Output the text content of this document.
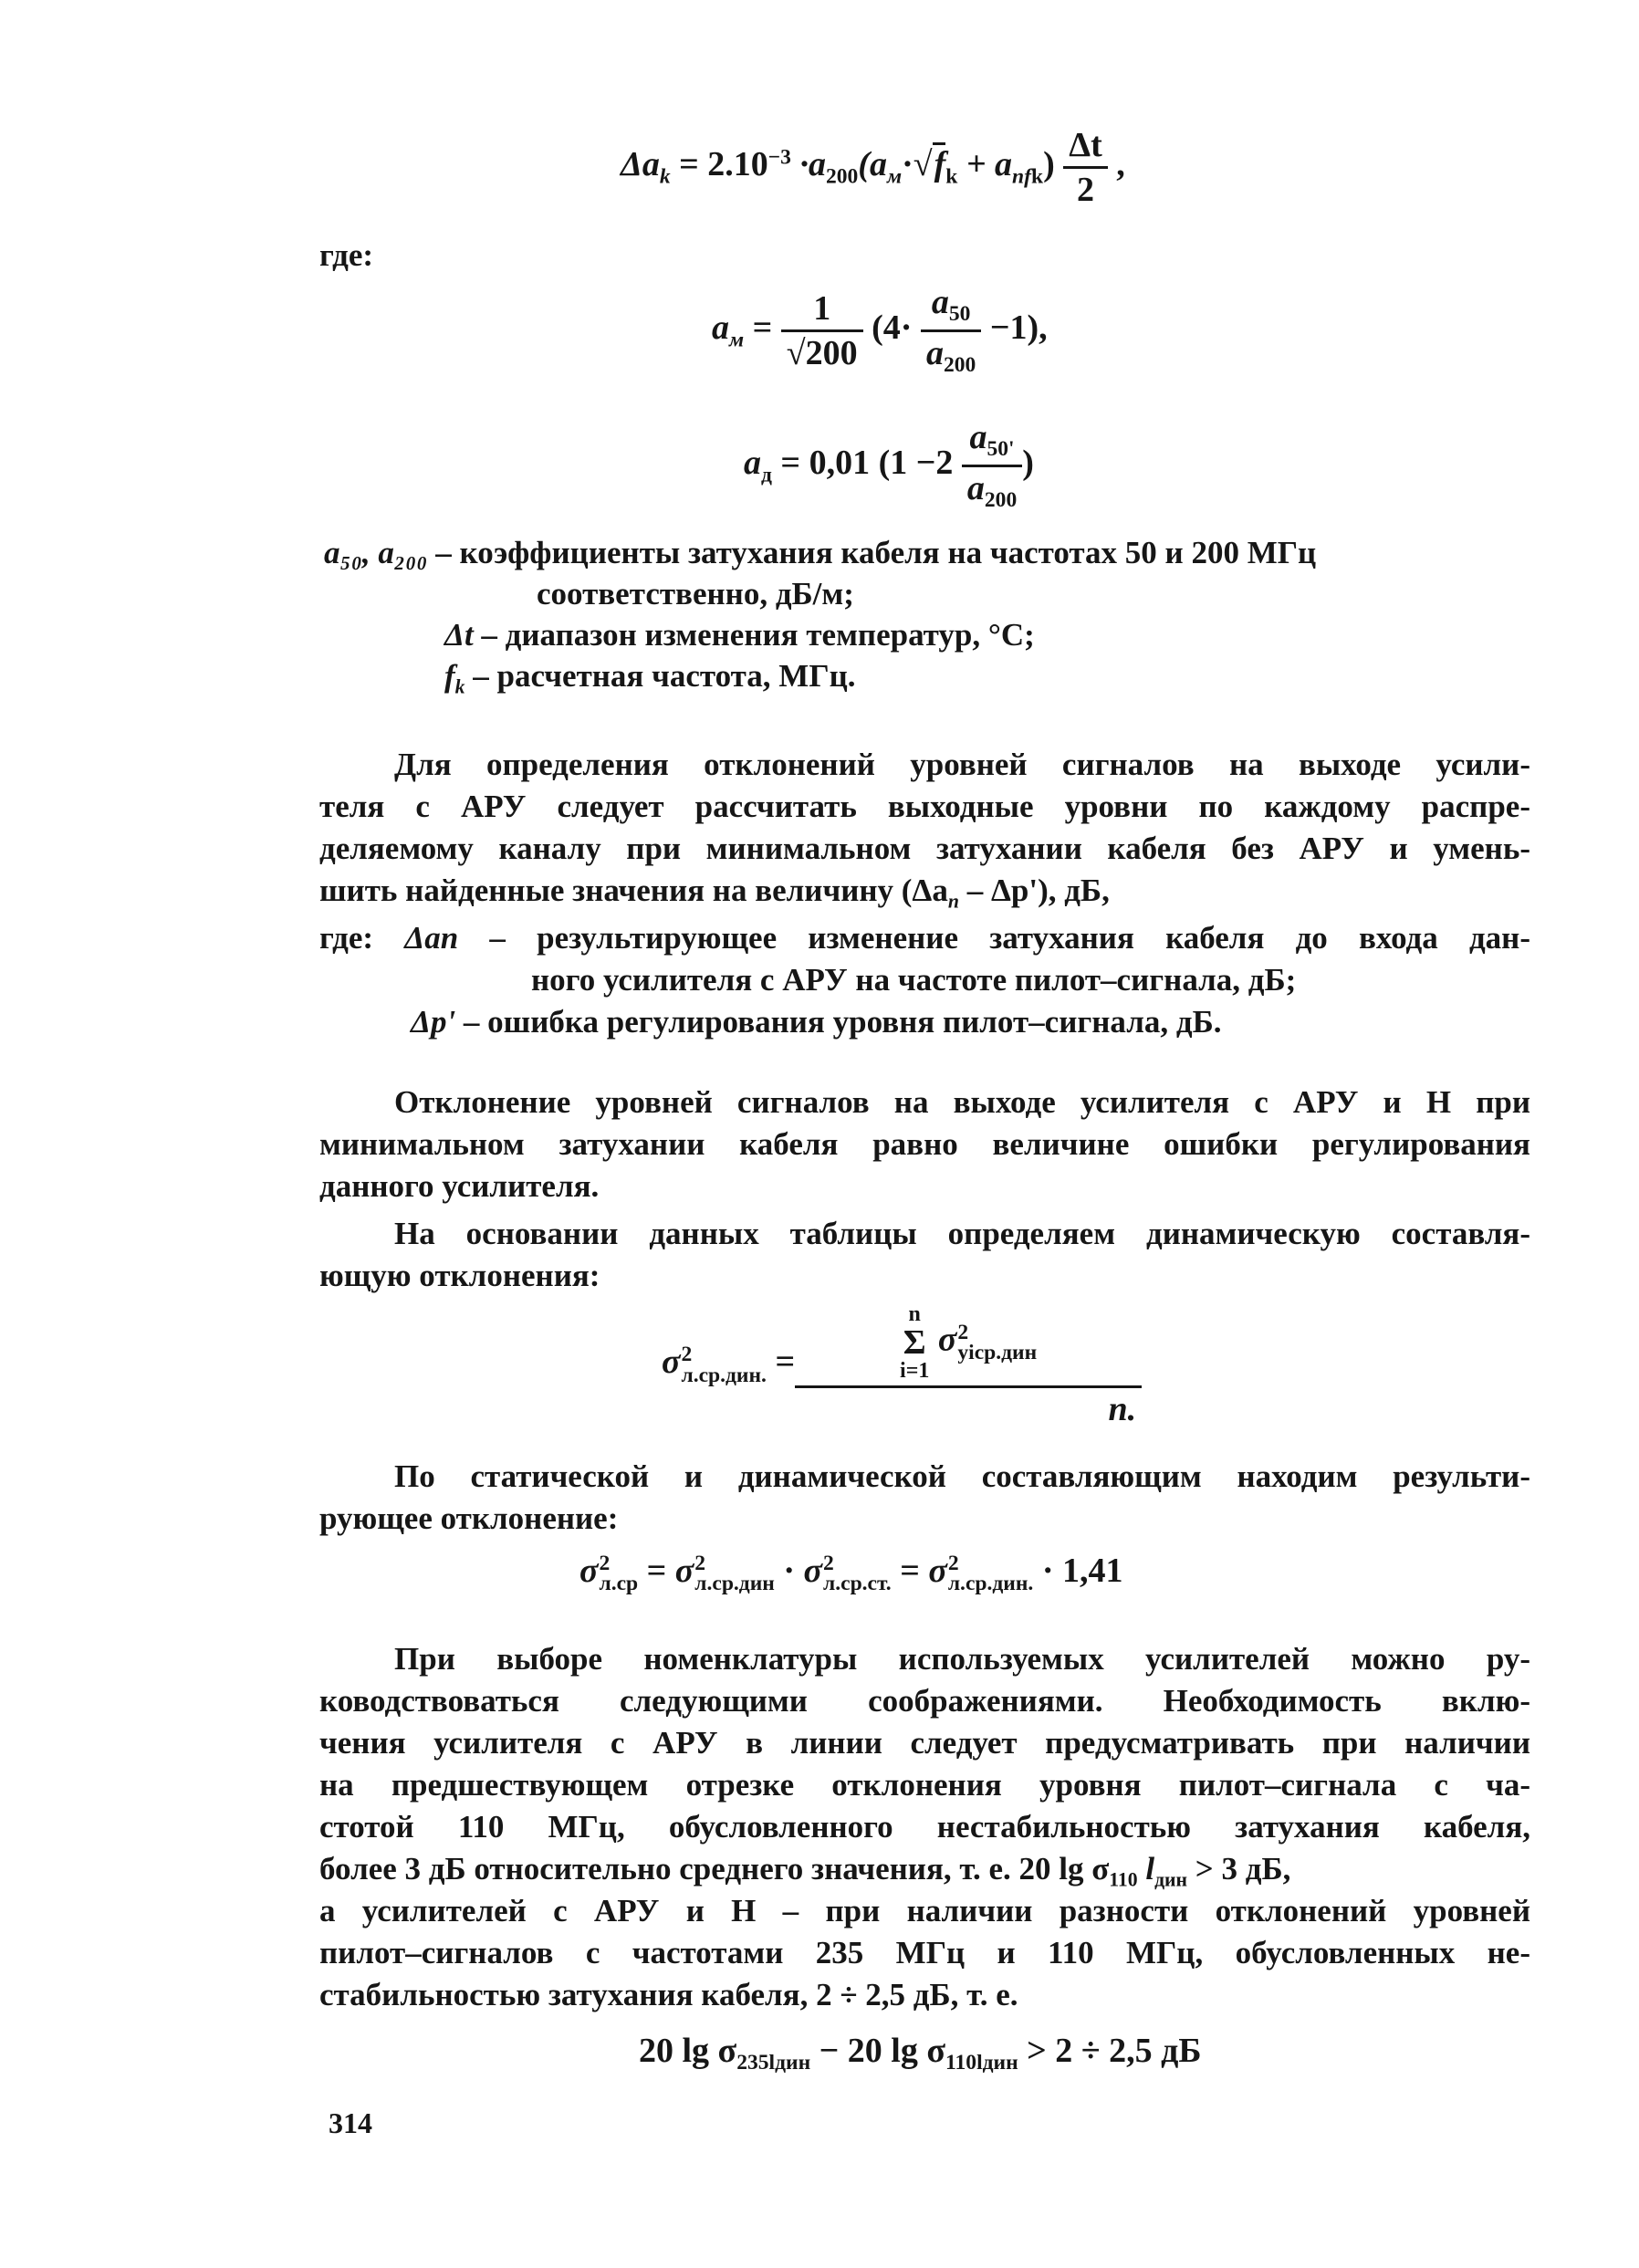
$\Delta a_k = 2.10^{-3} \cdot a_{200}(a_м\cdot√f_k + a_{пfk}) \frac{\Delta t}{2}$ ,
где:
$a_м = \frac{1}{√200} (4\cdot \frac{a_{50}}{a_{200}} -1)$,
$a_д = 0,01$ ($1 -2 \frac{a_{50'}}{a_{200}}$ )
a₅₀, a₂₀₀ – коэффициенты затухания кабеля на частотах 50 и 200 МГц
соответственно, дБ/м;
Δt – диапазон изменения температур, °С;
$f_k$ – расчетная частота, МГц.
Для определения отклонений уровней сигналов на выходе усили-
теля с АРУ следует рассчитать выходные уровни по каждому распре-
деляемому каналу при минимальном затухании кабеля без АРУ и умень-
шить найденные значения на величину $(\Delta a_n - \Delta p')$, дБ,
где: Δan – результирующее изменение затухания кабеля до входа дан-
ного усилителя с АРУ на частоте пилот–сигнала, дБ;
Δp' – ошибка регулирования уровня пилот–сигнала, дБ.
Отклонение уровней сигналов на выходе усилителя с АРУ и Н при
минимальном затухании кабеля равно величине ошибки регулирования
данного усилителя.
На основании данных таблицы определяем динамическую составля-
ющую отклонения:
σ 2
л.ср.дин. = n
Σ
i=1
σ 2
yiср.дин
n.
По статической и динамической составляющим находим результи-
рующее отклонение:
σ 2
л.ср = σ 2
л.ср.дин · σ 2
л.ср.ст. = σ 2
л.ср.дин. · 1,41
При выборе номенклатуры используемых усилителей можно ру-
ководствоваться следующими соображениями. Необходимость вклю-
чения усилителя с АРУ в линии следует предусматривать при наличии
на предшествующем отрезке отклонения уровня пилот–сигнала с ча-
стотой 110 МГц, обусловленного нестабильностью затухания кабеля,
более 3 дБ относительно среднего значения, т. е. 20 $\lg \sigma_{110}$ $l_{дин} > 3$ дБ,
а усилителей с АРУ и Н – при наличии разности отклонений уровней
пилот–сигналов с частотами 235 МГц и 110 МГц, обусловленных не-
стабильностью затухания кабеля, 2 ÷ 2,5 дБ, т. е.
20 $\lg \sigma_{235lдин} - 20$ $\lg \sigma_{110lдин} > 2 \div 2,5$ дБ
314
